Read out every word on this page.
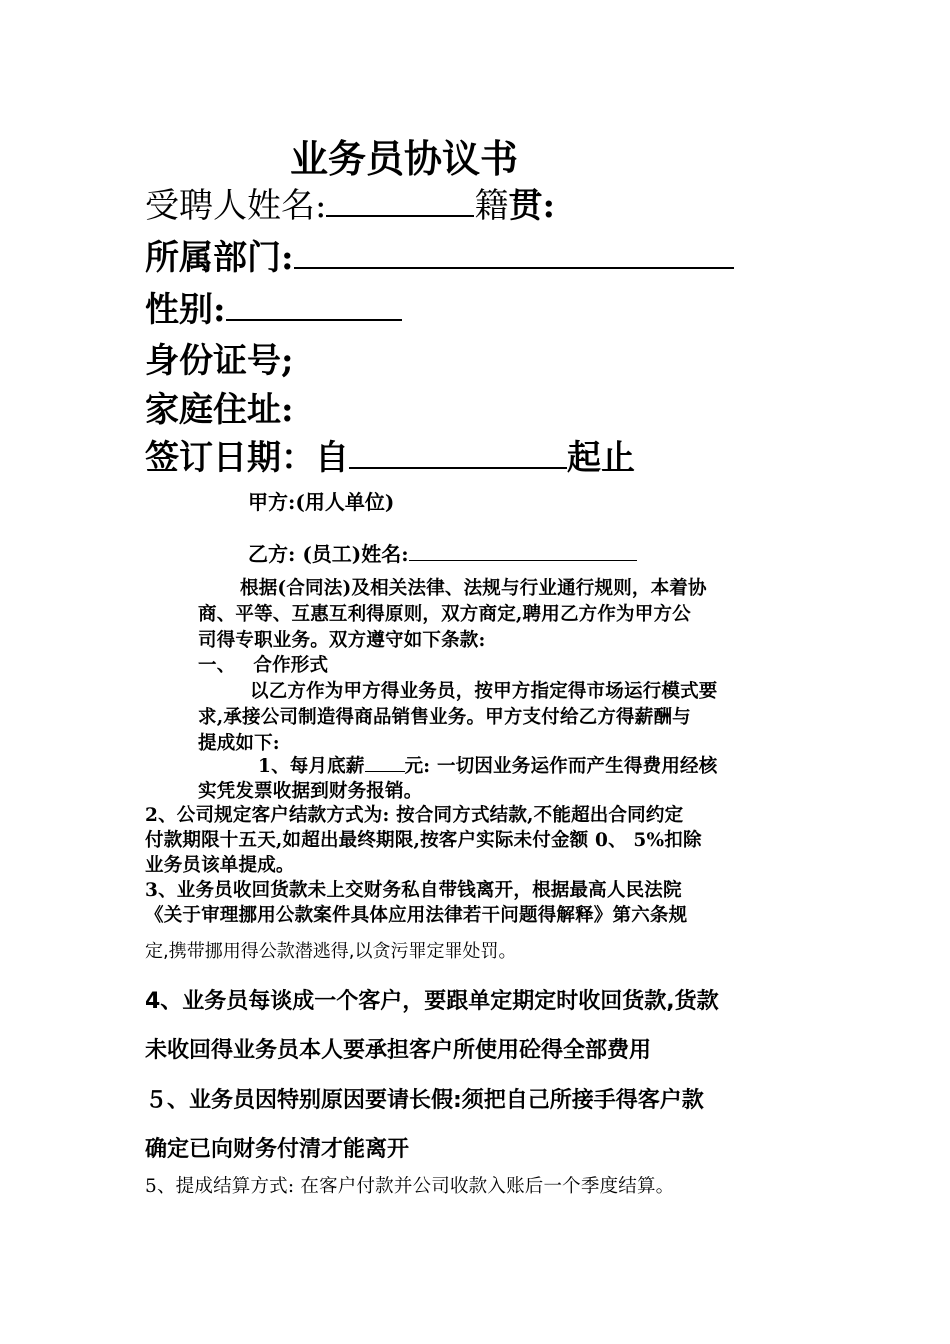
业务员协议书
受聘人姓名:	籍贯:
所属部门:
性别:
身份证号;
家庭住址:
签订日期：自	起止
甲方:(用人单位)
乙方: (员工)姓名:
根据(合同法)及相关法律、法规与行业通行规则，本着协
商、平等、互惠互利得原则，双方商定,聘用乙方作为甲方公
司得专职业务。双方遵守如下条款:
一、 合作形式
以乙方作为甲方得业务员，按甲方指定得市场运行模式要
求,承接公司制造得商品销售业务。甲方支付给乙方得薪酬与
提成如下:
1、每月底薪 元: 一切因业务运作而产生得费用经核
实凭发票收据到财务报销。
2、公司规定客户结款方式为: 按合同方式结款,不能超出合同约定
付款期限十五天,如超出最终期限,按客户实际未付金额 0、 5%扣除
业务员该单提成。
3、业务员收回货款未上交财务私自带钱离开，根据最高人民法院
《关于审理挪用公款案件具体应用法律若干问题得解释》第六条规
定,携带挪用得公款潜逃得,以贪污罪定罪处罚。
4、业务员每谈成一个客户，要跟单定期定时收回货款,货款
未收回得业务员本人要承担客户所使用砼得全部费用
５、业务员因特别原因要请长假:须把自己所接手得客户款
确定已向财务付清才能离开
5、提成结算方式: 在客户付款并公司收款入账后一个季度结算。
